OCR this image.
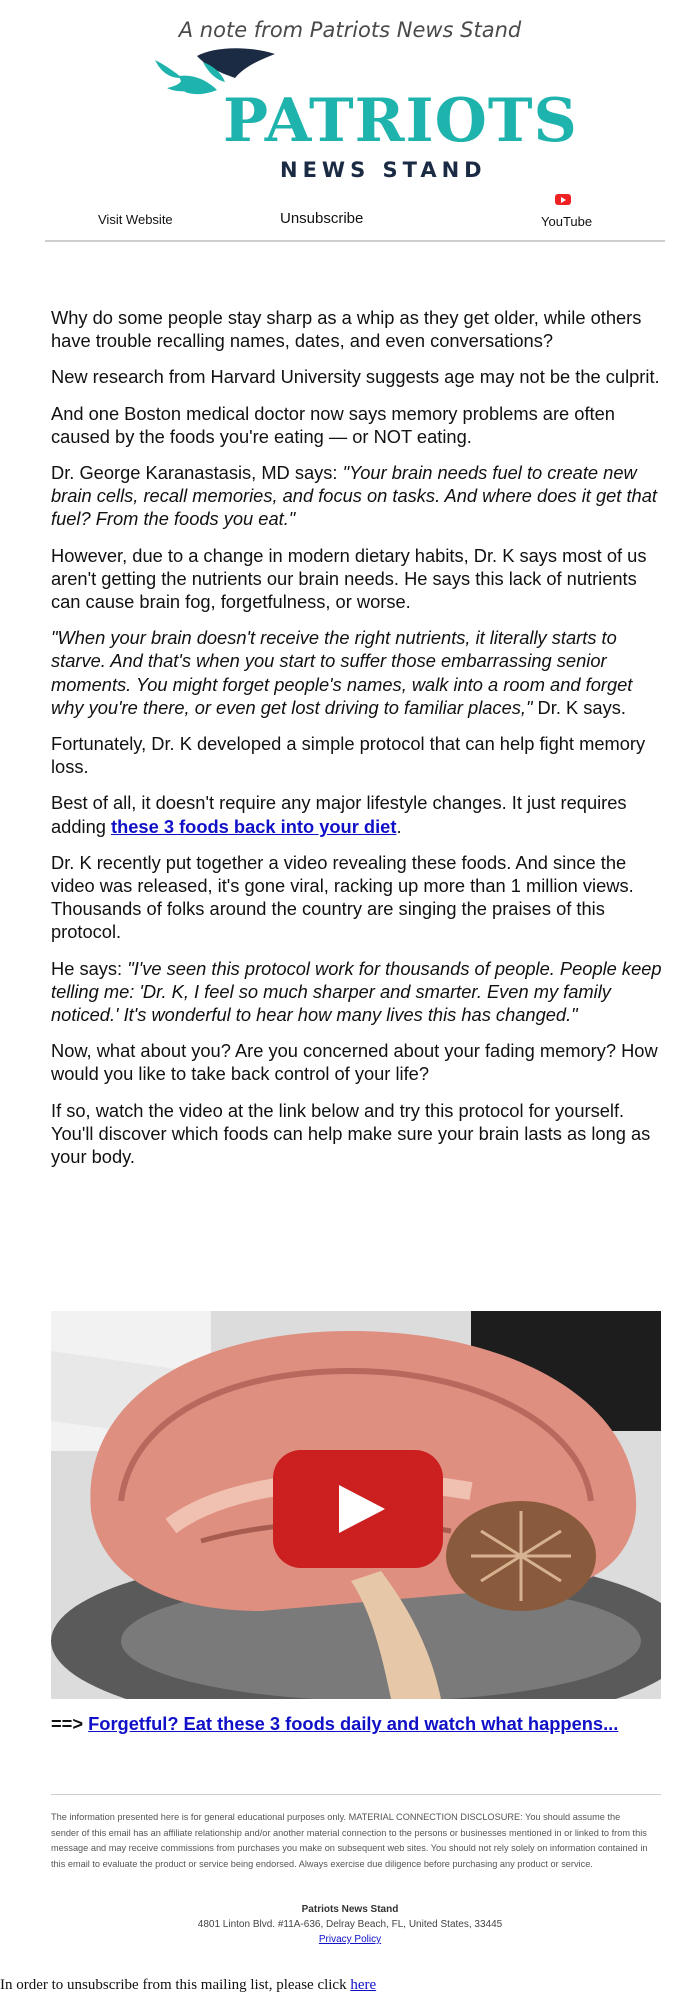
A note from Patriots News Stand
PATRIOTS
NEWS STAND
Visit Website	Unsubscribe	YouTube

Why do some people stay sharp as a whip as they get older, while others have trouble recalling names, dates, and even conversations?

New research from Harvard University suggests age may not be the culprit.

And one Boston medical doctor now says memory problems are often caused by the foods you're eating — or NOT eating.

Dr. George Karanastasis, MD says: "Your brain needs fuel to create new brain cells, recall memories, and focus on tasks. And where does it get that fuel? From the foods you eat."

However, due to a change in modern dietary habits, Dr. K says most of us aren't getting the nutrients our brain needs. He says this lack of nutrients can cause brain fog, forgetfulness, or worse.

"When your brain doesn't receive the right nutrients, it literally starts to starve. And that's when you start to suffer those embarrassing senior moments. You might forget people's names, walk into a room and forget why you're there, or even get lost driving to familiar places," Dr. K says.

Fortunately, Dr. K developed a simple protocol that can help fight memory loss.

Best of all, it doesn't require any major lifestyle changes. It just requires adding these 3 foods back into your diet.

Dr. K recently put together a video revealing these foods. And since the video was released, it's gone viral, racking up more than 1 million views. Thousands of folks around the country are singing the praises of this protocol.

He says: "I've seen this protocol work for thousands of people. People keep telling me: 'Dr. K, I feel so much sharper and smarter. Even my family noticed.' It's wonderful to hear how many lives this has changed."

Now, what about you? Are you concerned about your fading memory? How would you like to take back control of your life?

If so, watch the video at the link below and try this protocol for yourself. You'll discover which foods can help make sure your brain lasts as long as your body.

==> Forgetful? Eat these 3 foods daily and watch what happens...
The information presented here is for general educational purposes only. MATERIAL CONNECTION DISCLOSURE: You should assume the sender of this email has an affiliate relationship and/or another material connection to the persons or businesses mentioned in or linked to from this message and may receive commissions from purchases you make on subsequent web sites. You should not rely solely on information contained in this email to evaluate the product or service being endorsed. Always exercise due diligence before purchasing any product or service.
Patriots News Stand
4801 Linton Blvd. #11A-636, Delray Beach, FL, United States, 33445
Privacy Policy
In order to unsubscribe from this mailing list, please click here
